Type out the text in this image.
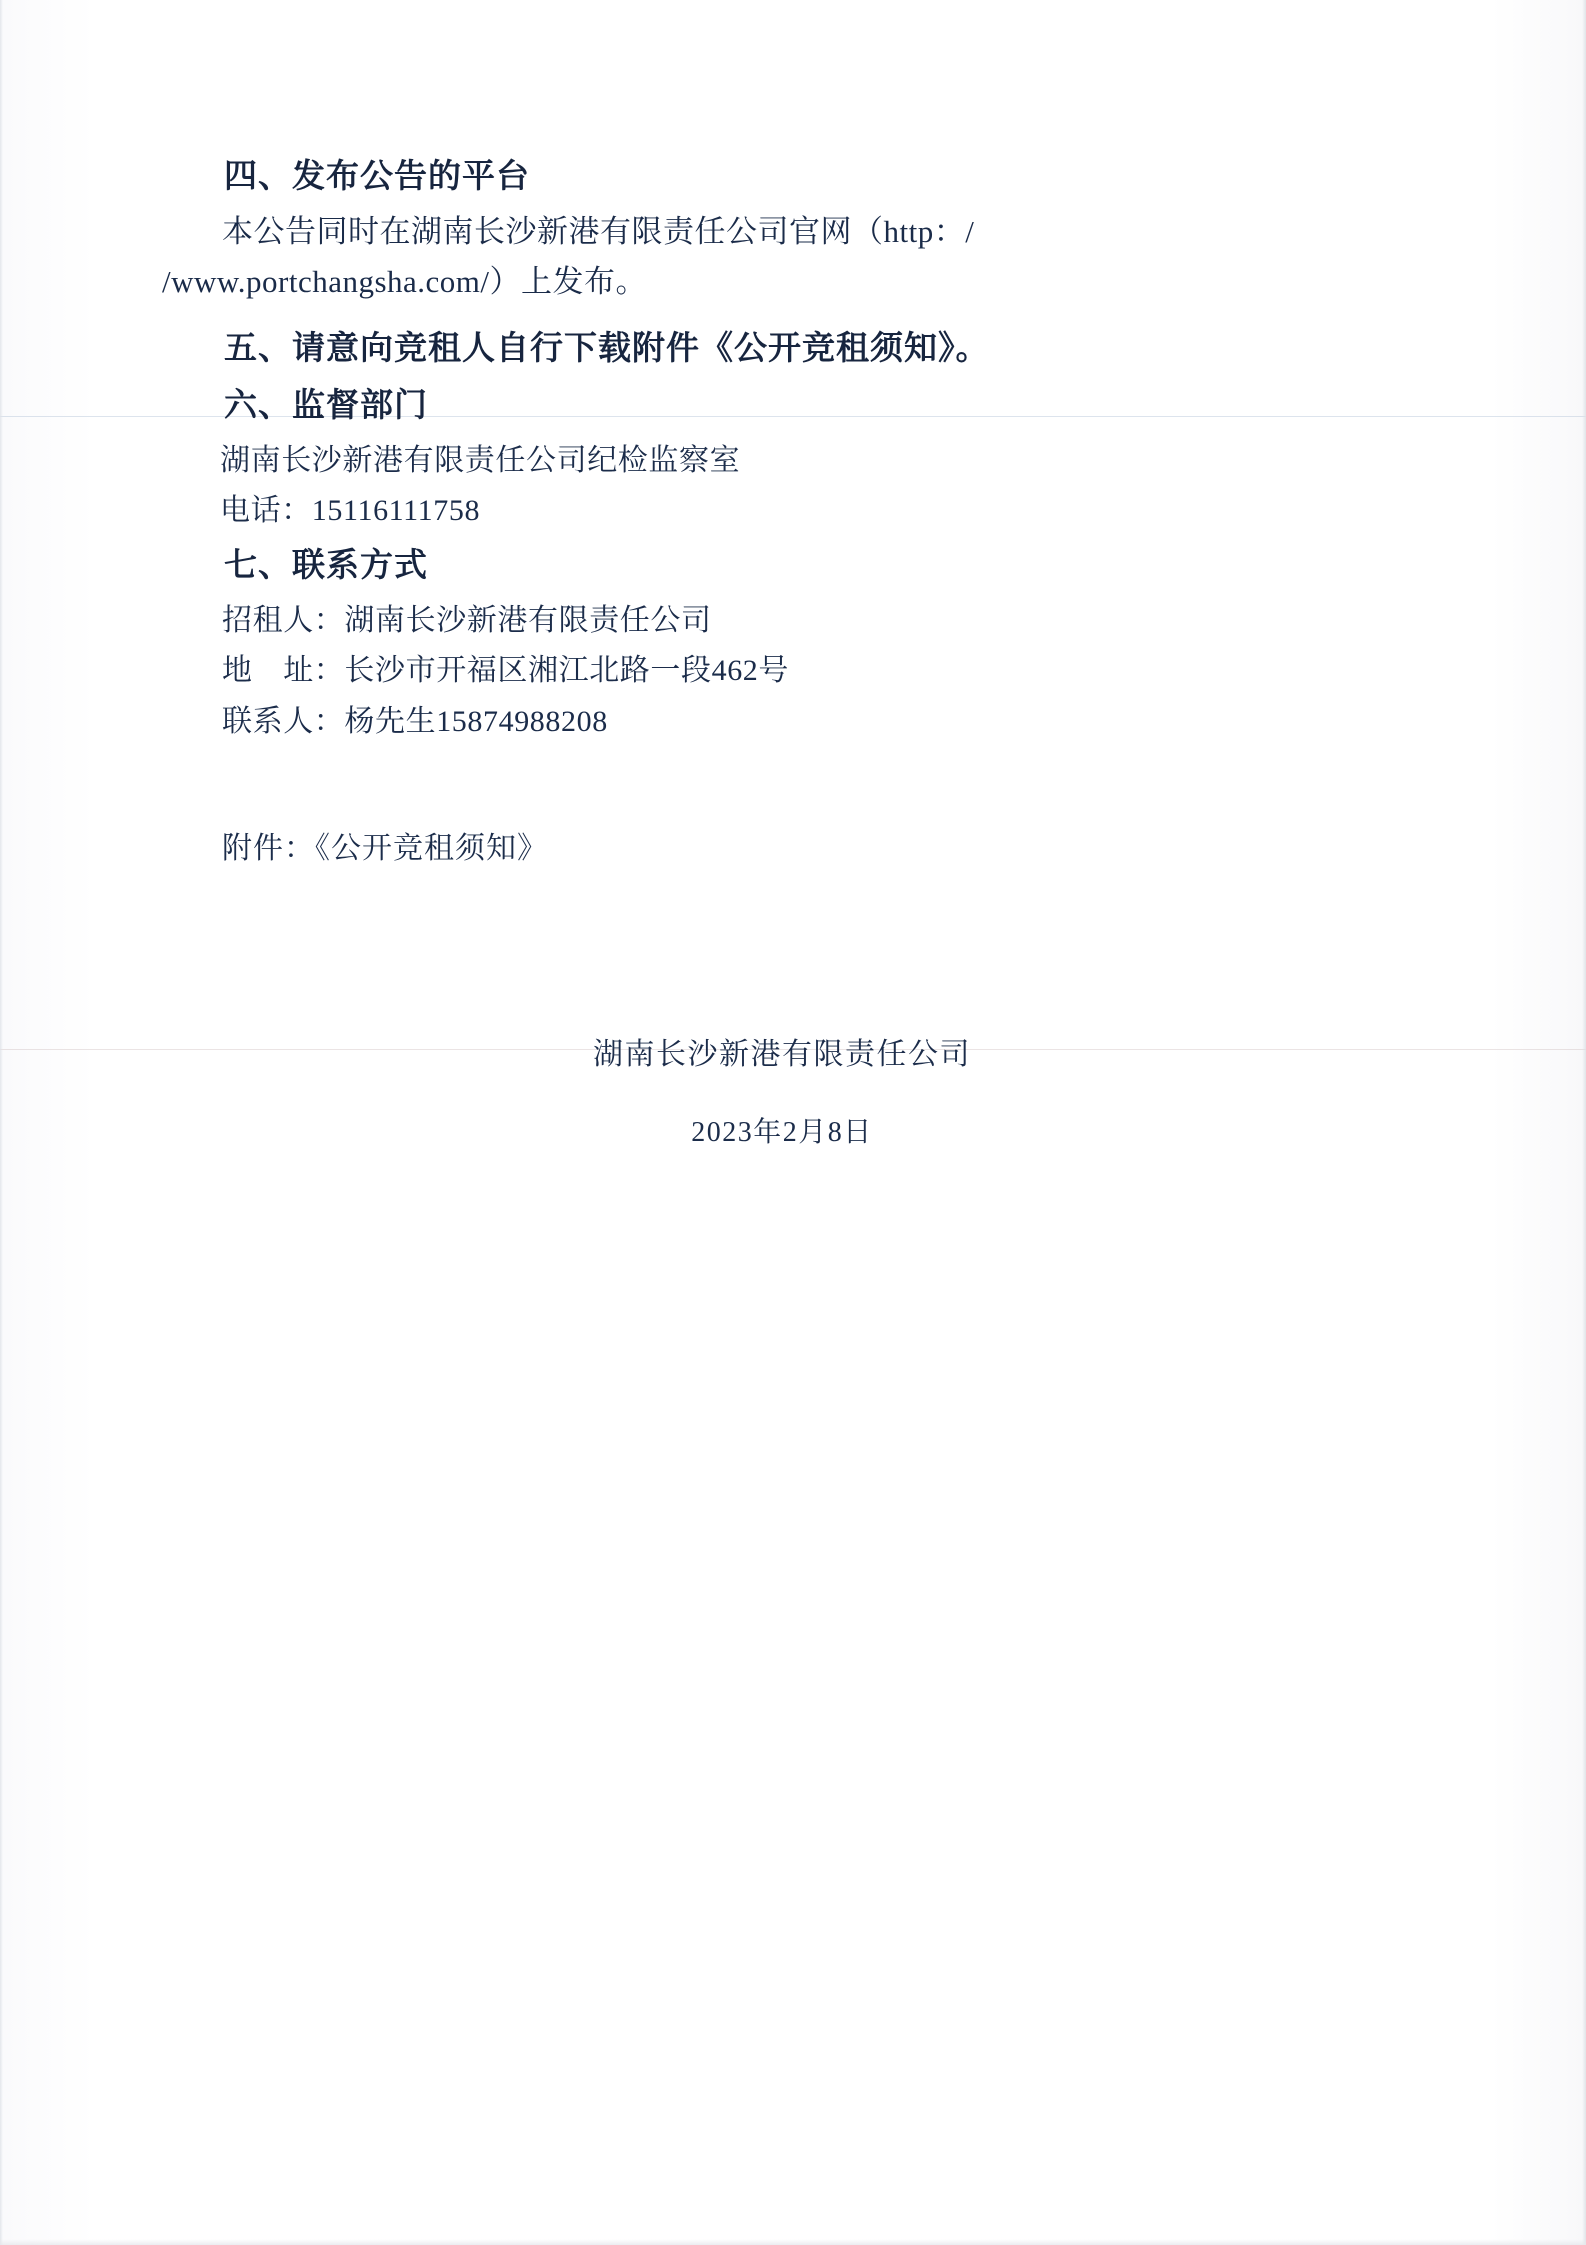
四、发布公告的平台

本公告同时在湖南长沙新港有限责任公司官网（http：/

/www.portchangsha.com/）上发布。

五、请意向竞租人自行下载附件《公开竞租须知》。

六、监督部门

湖南长沙新港有限责任公司纪检监察室

电话：15116111758

七、联系方式

招租人：湖南长沙新港有限责任公司

地　址：长沙市开福区湘江北路一段462号

联系人：杨先生15874988208

附件：《公开竞租须知》

湖南长沙新港有限责任公司

2023年2月8日
